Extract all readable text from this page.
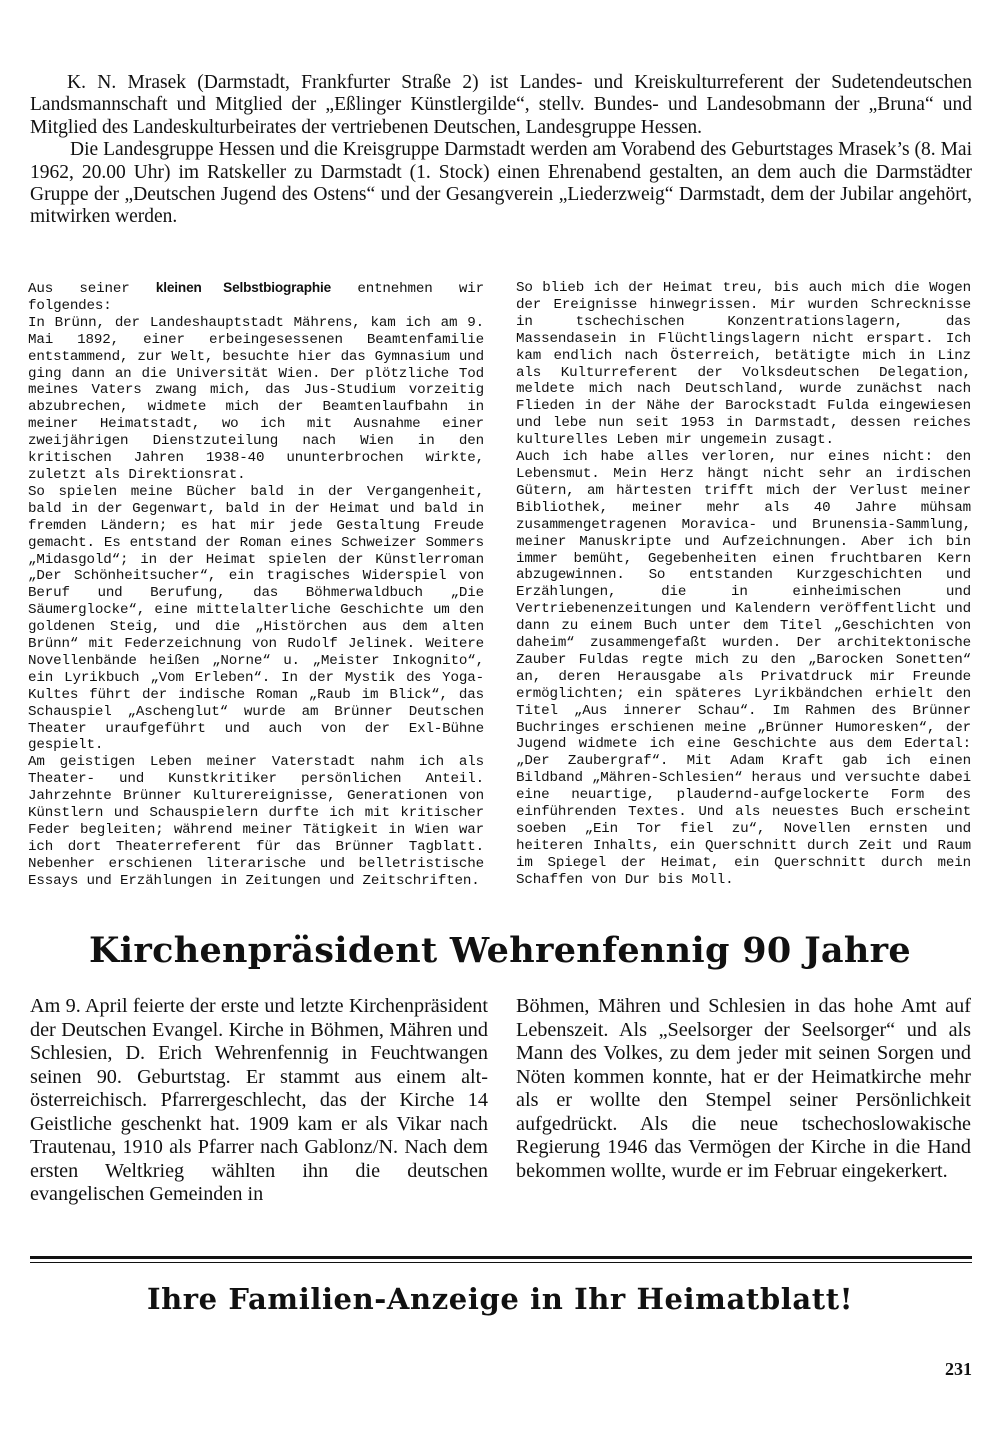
K. N. Mrasek (Darmstadt, Frankfurter Straße 2) ist Landes- und Kreiskulturreferent der Sudetendeutschen Landsmannschaft und Mitglied der „Eßlinger Künstlergilde“, stellv. Bundes- und Landesobmann der „Bruna“ und Mitglied des Landeskulturbeirates der vertriebenen Deutschen, Landesgruppe Hessen.

Die Landesgruppe Hessen und die Kreisgruppe Darmstadt werden am Vorabend des Geburtstages Mrasek’s (8. Mai 1962, 20.00 Uhr) im Ratskeller zu Darmstadt (1. Stock) einen Ehrenabend gestalten, an dem auch die Darmstädter Gruppe der „Deutschen Jugend des Ostens“ und der Gesangverein „Liederzweig“ Darmstadt, dem der Jubilar angehört, mitwirken werden.

Aus seiner kleinen Selbstbiographie entnehmen wir folgendes:

In Brünn, der Landeshauptstadt Mährens, kam ich am 9. Mai 1892, einer erbeingesessenen Beamtenfamilie entstammend, zur Welt, besuchte hier das Gymnasium und ging dann an die Universität Wien. Der plötzliche Tod meines Vaters zwang mich, das Jus-Studium vorzeitig abzubrechen, widmete mich der Beamtenlaufbahn in meiner Heimatstadt, wo ich mit Ausnahme einer zweijährigen Dienstzuteilung nach Wien in den kritischen Jahren 1938-40 ununterbrochen wirkte, zuletzt als Direktionsrat.

So spielen meine Bücher bald in der Vergangenheit, bald in der Gegenwart, bald in der Heimat und bald in fremden Ländern; es hat mir jede Gestaltung Freude gemacht. Es entstand der Roman eines Schweizer Sommers „Midasgold“; in der Heimat spielen der Künstlerroman „Der Schönheitsucher“, ein tragisches Widerspiel von Beruf und Berufung, das Böhmerwaldbuch „Die Säumerglocke“, eine mittelalterliche Geschichte um den goldenen Steig, und die „Histörchen aus dem alten Brünn“ mit Federzeichnung von Rudolf Jelinek. Weitere Novellenbände heißen „Norne“ u. „Meister Inkognito“, ein Lyrikbuch „Vom Erleben“. In der Mystik des Yoga-Kultes führt der indische Roman „Raub im Blick“, das Schauspiel „Aschenglut“ wurde am Brünner Deutschen Theater uraufgeführt und auch von der Exl-Bühne gespielt.

Am geistigen Leben meiner Vaterstadt nahm ich als Theater- und Kunstkritiker persönlichen Anteil. Jahrzehnte Brünner Kulturereignisse, Generationen von Künstlern und Schauspielern durfte ich mit kritischer Feder begleiten; während meiner Tätigkeit in Wien war ich dort Theaterreferent für das Brünner Tagblatt. Nebenher erschienen literarische und belletristische Essays und Erzählungen in Zeitungen und Zeitschriften.

So blieb ich der Heimat treu, bis auch mich die Wogen der Ereignisse hinwegrissen. Mir wurden Schrecknisse in tschechischen Konzentrationslagern, das Massendasein in Flüchtlingslagern nicht erspart. Ich kam endlich nach Österreich, betätigte mich in Linz als Kulturreferent der Volksdeutschen Delegation, meldete mich nach Deutschland, wurde zunächst nach Flieden in der Nähe der Barockstadt Fulda eingewiesen und lebe nun seit 1953 in Darmstadt, dessen reiches kulturelles Leben mir ungemein zusagt.

Auch ich habe alles verloren, nur eines nicht: den Lebensmut. Mein Herz hängt nicht sehr an irdischen Gütern, am härtesten trifft mich der Verlust meiner Bibliothek, meiner mehr als 40 Jahre mühsam zusammengetragenen Moravica- und Brunensia-Sammlung, meiner Manuskripte und Aufzeichnungen. Aber ich bin immer bemüht, Gegebenheiten einen fruchtbaren Kern abzugewinnen. So entstanden Kurzgeschichten und Erzählungen, die in einheimischen und Vertriebenenzeitungen und Kalendern veröffentlicht und dann zu einem Buch unter dem Titel „Geschichten von daheim“ zusammengefaßt wurden. Der architektonische Zauber Fuldas regte mich zu den „Barocken Sonetten“ an, deren Herausgabe als Privatdruck mir Freunde ermöglichten; ein späteres Lyrikbändchen erhielt den Titel „Aus innerer Schau“. Im Rahmen des Brünner Buchringes erschienen meine „Brünner Humoresken“, der Jugend widmete ich eine Geschichte aus dem Edertal: „Der Zaubergraf“. Mit Adam Kraft gab ich einen Bildband „Mähren-Schlesien“ heraus und versuchte dabei eine neuartige, plaudernd-aufgelockerte Form des einführenden Textes. Und als neuestes Buch erscheint soeben „Ein Tor fiel zu“, Novellen ernsten und heiteren Inhalts, ein Querschnitt durch Zeit und Raum im Spiegel der Heimat, ein Querschnitt durch mein Schaffen von Dur bis Moll.

Kirchenpräsident Wehrenfennig 90 Jahre

Am 9. April feierte der erste und letzte Kirchenpräsident der Deutschen Evangel. Kirche in Böhmen, Mähren und Schlesien, D. Erich Wehrenfennig in Feuchtwangen seinen 90. Geburtstag. Er stammt aus einem alt-österreichisch. Pfarrergeschlecht, das der Kirche 14 Geistliche geschenkt hat. 1909 kam er als Vikar nach Trautenau, 1910 als Pfarrer nach Gablonz/N. Nach dem ersten Weltkrieg wählten ihn die deutschen evangelischen Gemeinden in

Böhmen, Mähren und Schlesien in das hohe Amt auf Lebenszeit. Als „Seelsorger der Seelsorger“ und als Mann des Volkes, zu dem jeder mit seinen Sorgen und Nöten kommen konnte, hat er der Heimatkirche mehr als er wollte den Stempel seiner Persönlichkeit aufgedrückt. Als die neue tschechoslowakische Regierung 1946 das Vermögen der Kirche in die Hand bekommen wollte, wurde er im Februar eingekerkert.

Ihre Familien-Anzeige in Ihr Heimatblatt!
231
